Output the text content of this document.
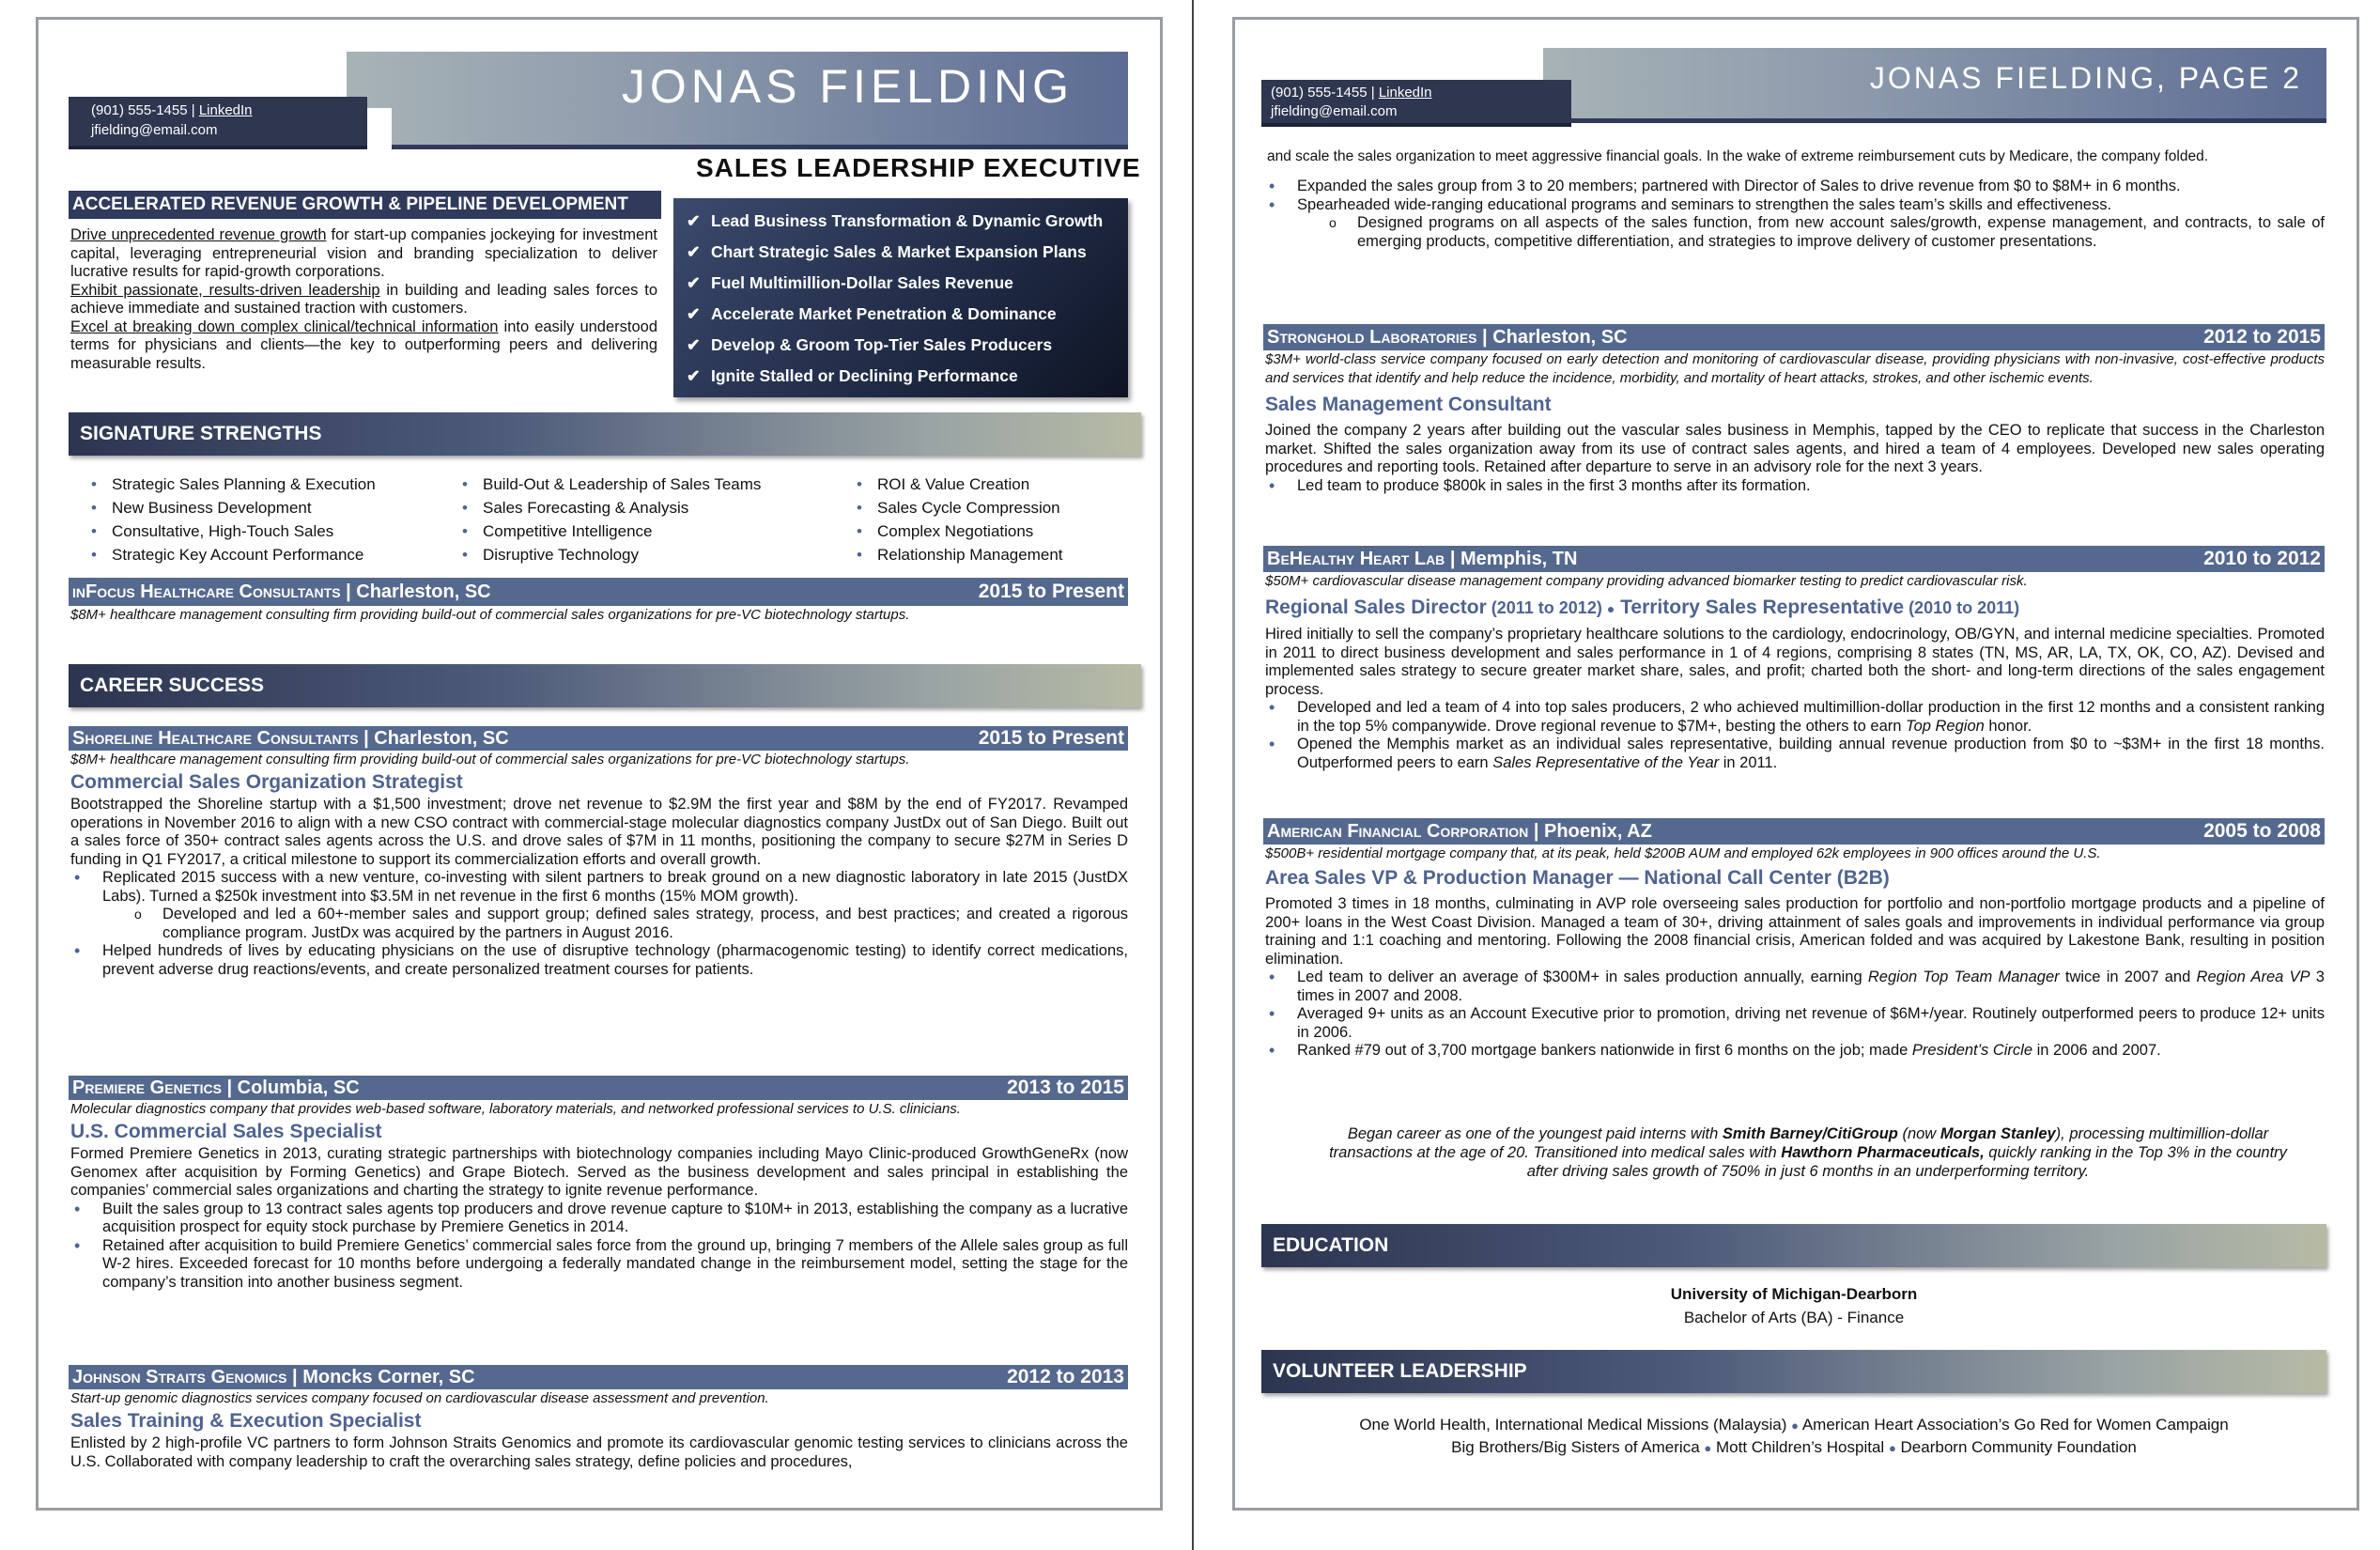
JONAS FIELDING
(901) 555-1455 | LinkedIn
jfielding@email.com
SALES LEADERSHIP EXECUTIVE
ACCELERATED REVENUE GROWTH & PIPELINE DEVELOPMENT

Drive unprecedented revenue growth for start-up companies jockeying for investment capital, leveraging entrepreneurial vision and branding specialization to deliver lucrative results for rapid-growth corporations.

Exhibit passionate, results-driven leadership in building and leading sales forces to achieve immediate and sustained traction with customers.

Excel at breaking down complex clinical/technical information into easily understood terms for physicians and clients—the key to outperforming peers and delivering measurable results.

✔ Lead Business Transformation & Dynamic Growth
✔ Chart Strategic Sales & Market Expansion Plans
✔ Fuel Multimillion-Dollar Sales Revenue
✔ Accelerate Market Penetration & Dominance
✔ Develop & Groom Top-Tier Sales Producers
✔ Ignite Stalled or Declining Performance
SIGNATURE STRENGTHS
• Strategic Sales Planning & Execution	• Build-Out & Leadership of Sales Teams	• ROI & Value Creation
• New Business Development	• Sales Forecasting & Analysis	• Sales Cycle Compression
• Consultative, High-Touch Sales	• Competitive Intelligence	• Complex Negotiations
• Strategic Key Account Performance	• Disruptive Technology	• Relationship Management
inFocus Healthcare Consultants | Charleston, SC	2015 to Present
$8M+ healthcare management consulting firm providing build-out of commercial sales organizations for pre-VC biotechnology startups.
CAREER SUCCESS
Shoreline Healthcare Consultants | Charleston, SC	2015 to Present
$8M+ healthcare management consulting firm providing build-out of commercial sales organizations for pre-VC biotechnology startups.
Commercial Sales Organization Strategist
Bootstrapped the Shoreline startup with a $1,500 investment; drove net revenue to $2.9M the first year and $8M by the end of FY2017. Revamped operations in November 2016 to align with a new CSO contract with commercial-stage molecular diagnostics company JustDx out of San Diego. Built out a sales force of 350+ contract sales agents across the U.S. and drove sales of $7M in 11 months, positioning the company to secure $27M in Series D funding in Q1 FY2017, a critical milestone to support its commercialization efforts and overall growth.
• Replicated 2015 success with a new venture, co-investing with silent partners to break ground on a new diagnostic laboratory in late 2015 (JustDX Labs). Turned a $250k investment into $3.5M in net revenue in the first 6 months (15% MOM growth).
o Developed and led a 60+-member sales and support group; defined sales strategy, process, and best practices; and created a rigorous compliance program. JustDx was acquired by the partners in August 2016.
• Helped hundreds of lives by educating physicians on the use of disruptive technology (pharmacogenomic testing) to identify correct medications, prevent adverse drug reactions/events, and create personalized treatment courses for patients.
Premiere Genetics | Columbia, SC	2013 to 2015
Molecular diagnostics company that provides web-based software, laboratory materials, and networked professional services to U.S. clinicians.
U.S. Commercial Sales Specialist
Formed Premiere Genetics in 2013, curating strategic partnerships with biotechnology companies including Mayo Clinic-produced GrowthGeneRx (now Genomex after acquisition by Forming Genetics) and Grape Biotech. Served as the business development and sales principal in establishing the companies’ commercial sales organizations and charting the strategy to ignite revenue performance.
• Built the sales group to 13 contract sales agents top producers and drove revenue capture to $10M+ in 2013, establishing the company as a lucrative acquisition prospect for equity stock purchase by Premiere Genetics in 2014.
• Retained after acquisition to build Premiere Genetics’ commercial sales force from the ground up, bringing 7 members of the Allele sales group as full W-2 hires. Exceeded forecast for 10 months before undergoing a federally mandated change in the reimbursement model, setting the stage for the company’s transition into another business segment.
Johnson Straits Genomics | Moncks Corner, SC	2012 to 2013
Start-up genomic diagnostics services company focused on cardiovascular disease assessment and prevention.
Sales Training & Execution Specialist
Enlisted by 2 high-profile VC partners to form Johnson Straits Genomics and promote its cardiovascular genomic testing services to clinicians across the U.S. Collaborated with company leadership to craft the overarching sales strategy, define policies and procedures,
JONAS FIELDING, PAGE 2
(901) 555-1455 | LinkedIn
jfielding@email.com
and scale the sales organization to meet aggressive financial goals. In the wake of extreme reimbursement cuts by Medicare, the company folded.
• Expanded the sales group from 3 to 20 members; partnered with Director of Sales to drive revenue from $0 to $8M+ in 6 months.
• Spearheaded wide-ranging educational programs and seminars to strengthen the sales team’s skills and effectiveness.
o Designed programs on all aspects of the sales function, from new account sales/growth, expense management, and contracts, to sale of emerging products, competitive differentiation, and strategies to improve delivery of customer presentations.
Stronghold Laboratories | Charleston, SC	2012 to 2015
$3M+ world-class service company focused on early detection and monitoring of cardiovascular disease, providing physicians with non-invasive, cost-effective products and services that identify and help reduce the incidence, morbidity, and mortality of heart attacks, strokes, and other ischemic events.
Sales Management Consultant
Joined the company 2 years after building out the vascular sales business in Memphis, tapped by the CEO to replicate that success in the Charleston market. Shifted the sales organization away from its use of contract sales agents, and hired a team of 4 employees. Developed new sales operating procedures and reporting tools. Retained after departure to serve in an advisory role for the next 3 years.
• Led team to produce $800k in sales in the first 3 months after its formation.
BeHealthy Heart Lab | Memphis, TN	2010 to 2012
$50M+ cardiovascular disease management company providing advanced biomarker testing to predict cardiovascular risk.
Regional Sales Director (2011 to 2012) ● Territory Sales Representative (2010 to 2011)
Hired initially to sell the company’s proprietary healthcare solutions to the cardiology, endocrinology, OB/GYN, and internal medicine specialties. Promoted in 2011 to direct business development and sales performance in 1 of 4 regions, comprising 8 states (TN, MS, AR, LA, TX, OK, CO, AZ). Devised and implemented sales strategy to secure greater market share, sales, and profit; charted both the short- and long-term directions of the sales engagement process.
• Developed and led a team of 4 into top sales producers, 2 who achieved multimillion-dollar production in the first 12 months and a consistent ranking in the top 5% companywide. Drove regional revenue to $7M+, besting the others to earn Top Region honor.
• Opened the Memphis market as an individual sales representative, building annual revenue production from $0 to ~$3M+ in the first 18 months. Outperformed peers to earn Sales Representative of the Year in 2011.
American Financial Corporation | Phoenix, AZ	2005 to 2008
$500B+ residential mortgage company that, at its peak, held $200B AUM and employed 62k employees in 900 offices around the U.S.
Area Sales VP & Production Manager — National Call Center (B2B)
Promoted 3 times in 18 months, culminating in AVP role overseeing sales production for portfolio and non-portfolio mortgage products and a pipeline of 200+ loans in the West Coast Division. Managed a team of 30+, driving attainment of sales goals and improvements in individual performance via group training and 1:1 coaching and mentoring. Following the 2008 financial crisis, American folded and was acquired by Lakestone Bank, resulting in position elimination.
• Led team to deliver an average of $300M+ in sales production annually, earning Region Top Team Manager twice in 2007 and Region Area VP 3 times in 2007 and 2008.
• Averaged 9+ units as an Account Executive prior to promotion, driving net revenue of $6M+/year. Routinely outperformed peers to produce 12+ units in 2006.
• Ranked #79 out of 3,700 mortgage bankers nationwide in first 6 months on the job; made President’s Circle in 2006 and 2007.
Began career as one of the youngest paid interns with Smith Barney/CitiGroup (now Morgan Stanley), processing multimillion-dollar transactions at the age of 20. Transitioned into medical sales with Hawthorn Pharmaceuticals, quickly ranking in the Top 3% in the country after driving sales growth of 750% in just 6 months in an underperforming territory.
EDUCATION
University of Michigan-Dearborn
Bachelor of Arts (BA) - Finance
VOLUNTEER LEADERSHIP
One World Health, International Medical Missions (Malaysia) ● American Heart Association’s Go Red for Women Campaign
Big Brothers/Big Sisters of America ● Mott Children’s Hospital ● Dearborn Community Foundation
